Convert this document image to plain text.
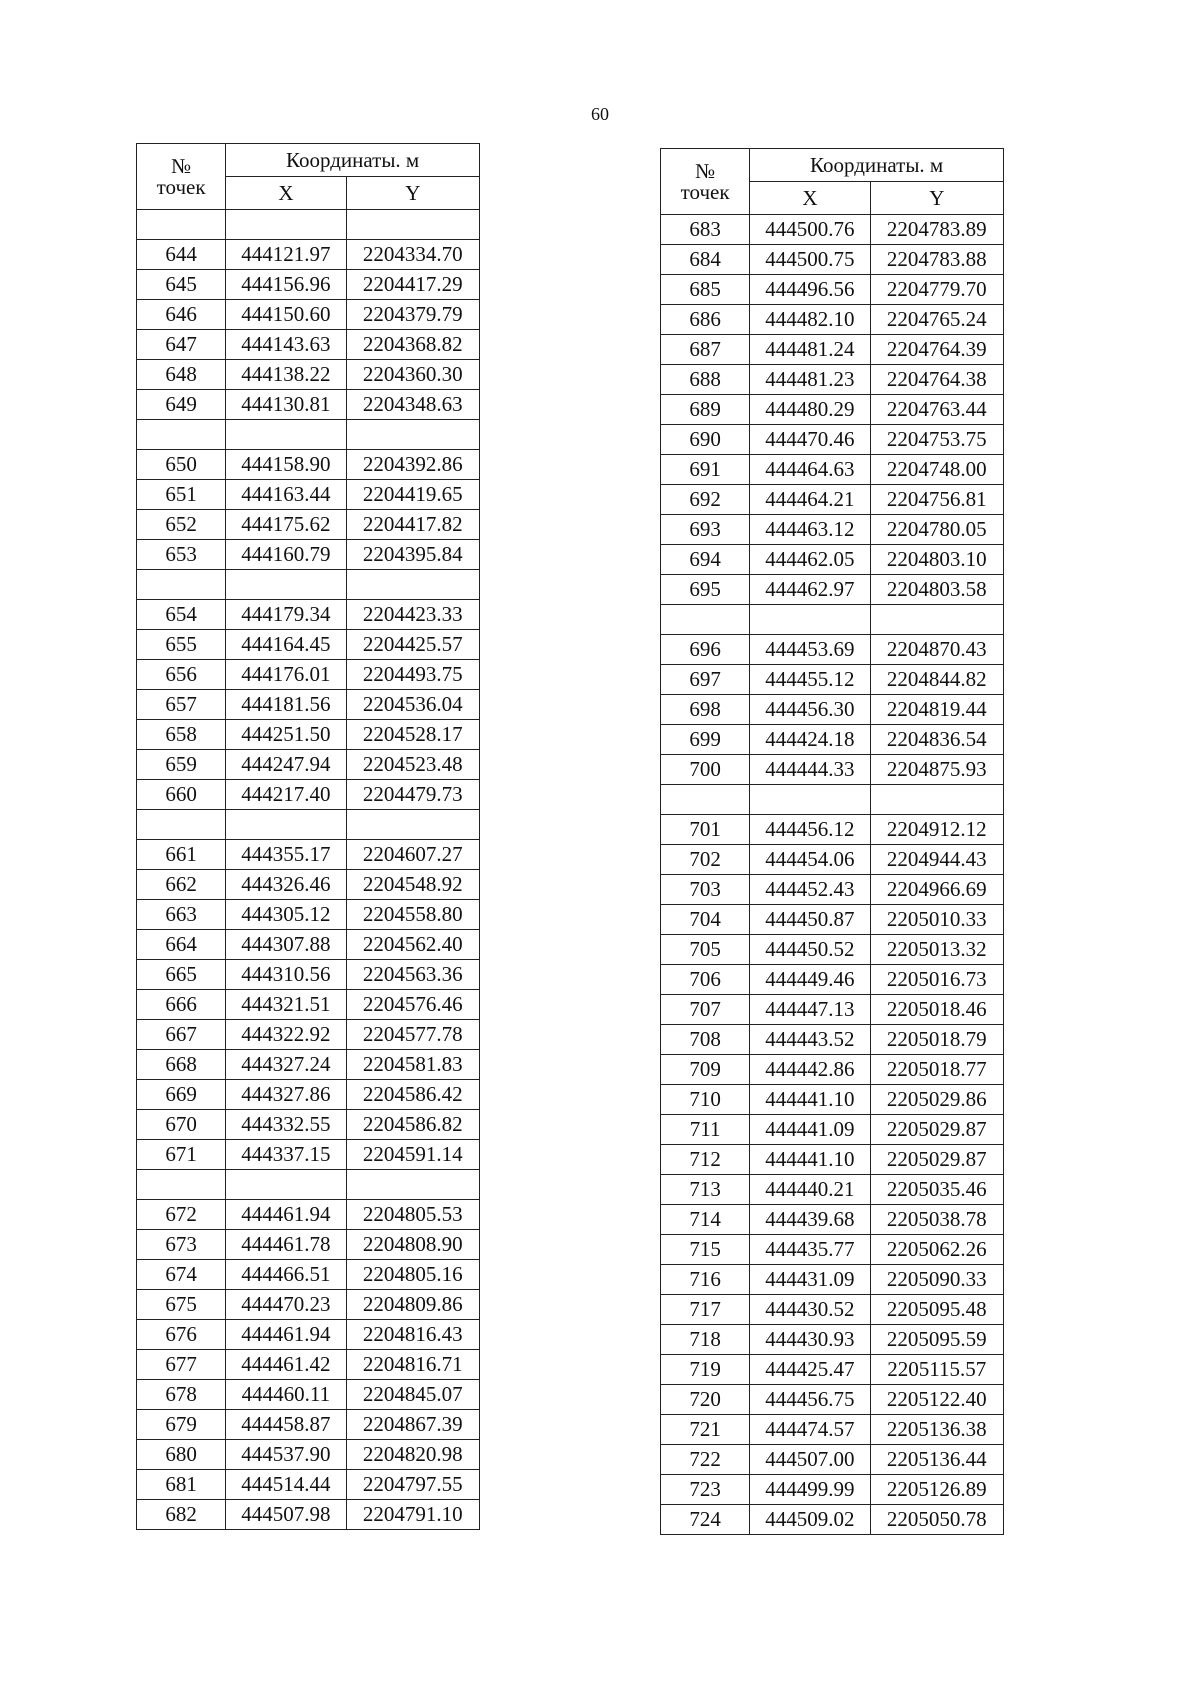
60
№
точек	Координаты. м	
	X	Y

644	444121.97	2204334.70
645	444156.96	2204417.29
646	444150.60	2204379.79
647	444143.63	2204368.82
648	444138.22	2204360.30
649	444130.81	2204348.63

650	444158.90	2204392.86
651	444163.44	2204419.65
652	444175.62	2204417.82
653	444160.79	2204395.84

654	444179.34	2204423.33
655	444164.45	2204425.57
656	444176.01	2204493.75
657	444181.56	2204536.04
658	444251.50	2204528.17
659	444247.94	2204523.48
660	444217.40	2204479.73

661	444355.17	2204607.27
662	444326.46	2204548.92
663	444305.12	2204558.80
664	444307.88	2204562.40
665	444310.56	2204563.36
666	444321.51	2204576.46
667	444322.92	2204577.78
668	444327.24	2204581.83
669	444327.86	2204586.42
670	444332.55	2204586.82
671	444337.15	2204591.14

672	444461.94	2204805.53
673	444461.78	2204808.90
674	444466.51	2204805.16
675	444470.23	2204809.86
676	444461.94	2204816.43
677	444461.42	2204816.71
678	444460.11	2204845.07
679	444458.87	2204867.39
680	444537.90	2204820.98
681	444514.44	2204797.55
682	444507.98	2204791.10
№
точек	Координаты. м	
	X	Y
683	444500.76	2204783.89
684	444500.75	2204783.88
685	444496.56	2204779.70
686	444482.10	2204765.24
687	444481.24	2204764.39
688	444481.23	2204764.38
689	444480.29	2204763.44
690	444470.46	2204753.75
691	444464.63	2204748.00
692	444464.21	2204756.81
693	444463.12	2204780.05
694	444462.05	2204803.10
695	444462.97	2204803.58

696	444453.69	2204870.43
697	444455.12	2204844.82
698	444456.30	2204819.44
699	444424.18	2204836.54
700	444444.33	2204875.93

701	444456.12	2204912.12
702	444454.06	2204944.43
703	444452.43	2204966.69
704	444450.87	2205010.33
705	444450.52	2205013.32
706	444449.46	2205016.73
707	444447.13	2205018.46
708	444443.52	2205018.79
709	444442.86	2205018.77
710	444441.10	2205029.86
711	444441.09	2205029.87
712	444441.10	2205029.87
713	444440.21	2205035.46
714	444439.68	2205038.78
715	444435.77	2205062.26
716	444431.09	2205090.33
717	444430.52	2205095.48
718	444430.93	2205095.59
719	444425.47	2205115.57
720	444456.75	2205122.40
721	444474.57	2205136.38
722	444507.00	2205136.44
723	444499.99	2205126.89
724	444509.02	2205050.78
